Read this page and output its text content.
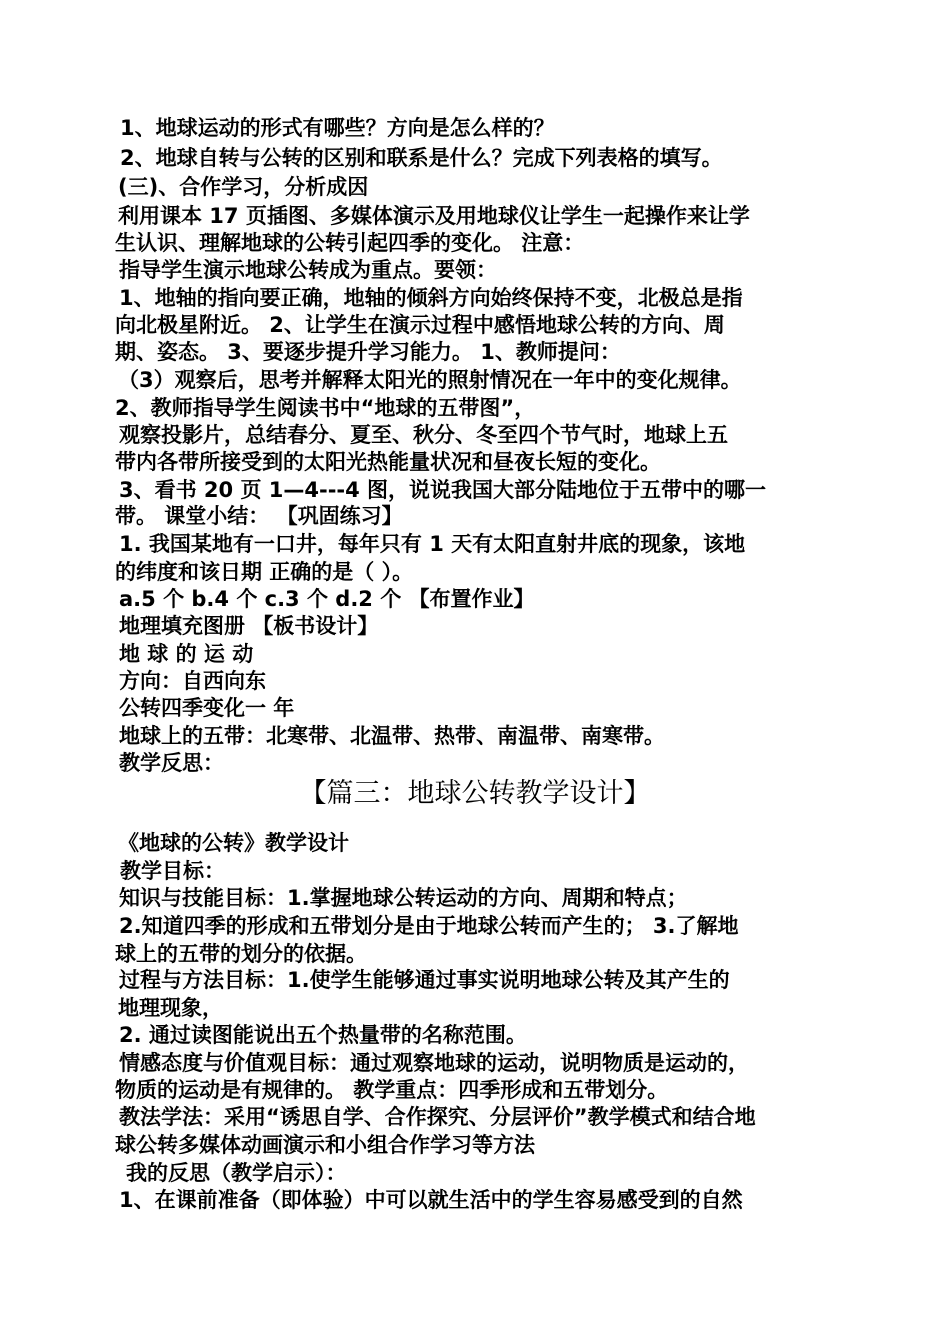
1、地球运动的形式有哪些？方向是怎么样的？
2、地球自转与公转的区别和联系是什么？完成下列表格的填写。
(三)、合作学习，分析成因
利用课本 17 页插图、多媒体演示及用地球仪让学生一起操作来让学
生认识、理解地球的公转引起四季的变化。 注意：
指导学生演示地球公转成为重点。要领：
1、地轴的指向要正确，地轴的倾斜方向始终保持不变，北极总是指
向北极星附近。 2、让学生在演示过程中感悟地球公转的方向、周
期、姿态。 3、要逐步提升学习能力。 1、教师提问：
（3）观察后，思考并解释太阳光的照射情况在一年中的变化规律。
2、教师指导学生阅读书中“地球的五带图”，
观察投影片，总结春分、夏至、秋分、冬至四个节气时，地球上五
带内各带所接受到的太阳光热能量状况和昼夜长短的变化。
3、看书 20 页 1—4---4 图，说说我国大部分陆地位于五带中的哪一
带。 课堂小结： 【巩固练习】
1. 我国某地有一口井，每年只有 1 天有太阳直射井底的现象，该地
的纬度和该日期 正确的是（ ）。
a.5 个 b.4 个 c.3 个 d.2 个 【布置作业】
地理填充图册 【板书设计】
地 球 的 运 动
方向：自西向东
公转四季变化一 年
地球上的五带：北寒带、北温带、热带、南温带、南寒带。
教学反思：
【篇三：地球公转教学设计】
《地球的公转》教学设计
教学目标：
知识与技能目标：1.掌握地球公转运动的方向、周期和特点；
2.知道四季的形成和五带划分是由于地球公转而产生的； 3.了解地
球上的五带的划分的依据。
过程与方法目标：1.使学生能够通过事实说明地球公转及其产生的
地理现象，
2. 通过读图能说出五个热量带的名称范围。
情感态度与价值观目标：通过观察地球的运动，说明物质是运动的，
物质的运动是有规律的。 教学重点：四季形成和五带划分。
教法学法：采用“诱思自学、合作探究、分层评价”教学模式和结合地
球公转多媒体动画演示和小组合作学习等方法
我的反思（教学启示）：
1、在课前准备（即体验）中可以就生活中的学生容易感受到的自然
